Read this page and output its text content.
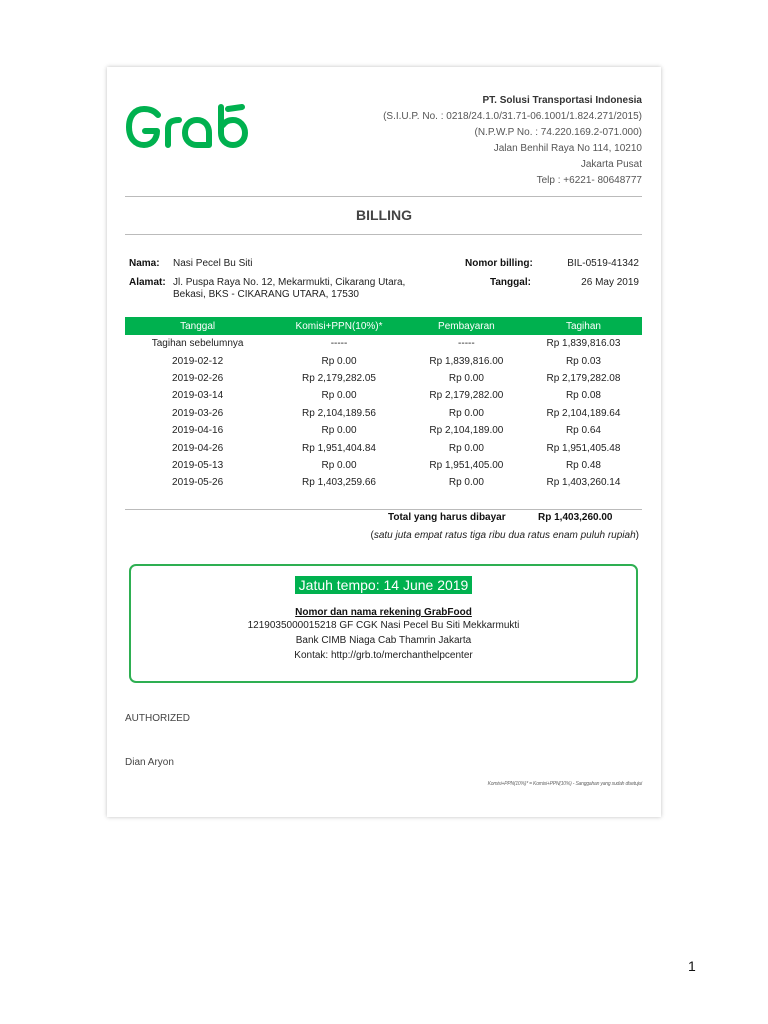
PT. Solusi Transportasi Indonesia
(S.I.U.P. No. : 0218/24.1.0/31.71-06.1001/1.824.271/2015)
(N.P.W.P No. : 74.220.169.2-071.000)
Jalan Benhil Raya No 114, 10210
Jakarta Pusat
Telp : +6221- 80648777
BILLING
Nama: Nasi Pecel Bu Siti
Alamat: Jl. Puspa Raya No. 12, Mekarmukti, Cikarang Utara,
Bekasi, BKS - CIKARANG UTARA, 17530
Nomor billing:	BIL-0519-41342
Tanggal:	26 May 2019
Tanggal	Komisi+PPN(10%)*	Pembayaran	Tagihan
Tagihan sebelumnya	-----	-----	Rp 1,839,816.03
2019-02-12	Rp 0.00	Rp 1,839,816.00	Rp 0.03
2019-02-26	Rp 2,179,282.05	Rp 0.00	Rp 2,179,282.08
2019-03-14	Rp 0.00	Rp 2,179,282.00	Rp 0.08
2019-03-26	Rp 2,104,189.56	Rp 0.00	Rp 2,104,189.64
2019-04-16	Rp 0.00	Rp 2,104,189.00	Rp 0.64
2019-04-26	Rp 1,951,404.84	Rp 0.00	Rp 1,951,405.48
2019-05-13	Rp 0.00	Rp 1,951,405.00	Rp 0.48
2019-05-26	Rp 1,403,259.66	Rp 0.00	Rp 1,403,260.14
Total yang harus dibayar	Rp 1,403,260.00
(satu juta empat ratus tiga ribu dua ratus enam puluh rupiah)
Jatuh tempo: 14 June 2019
Nomor dan nama rekening GrabFood
1219035000015218 GF CGK Nasi Pecel Bu Siti Mekkarmukti
Bank CIMB Niaga Cab Thamrin Jakarta
Kontak: http://grb.to/merchanthelpcenter
AUTHORIZED
Dian Aryon
Komisi+PPN(10%)* = Komisi+PPN(10%) - Sanggahan yang sudah disetujui
1
